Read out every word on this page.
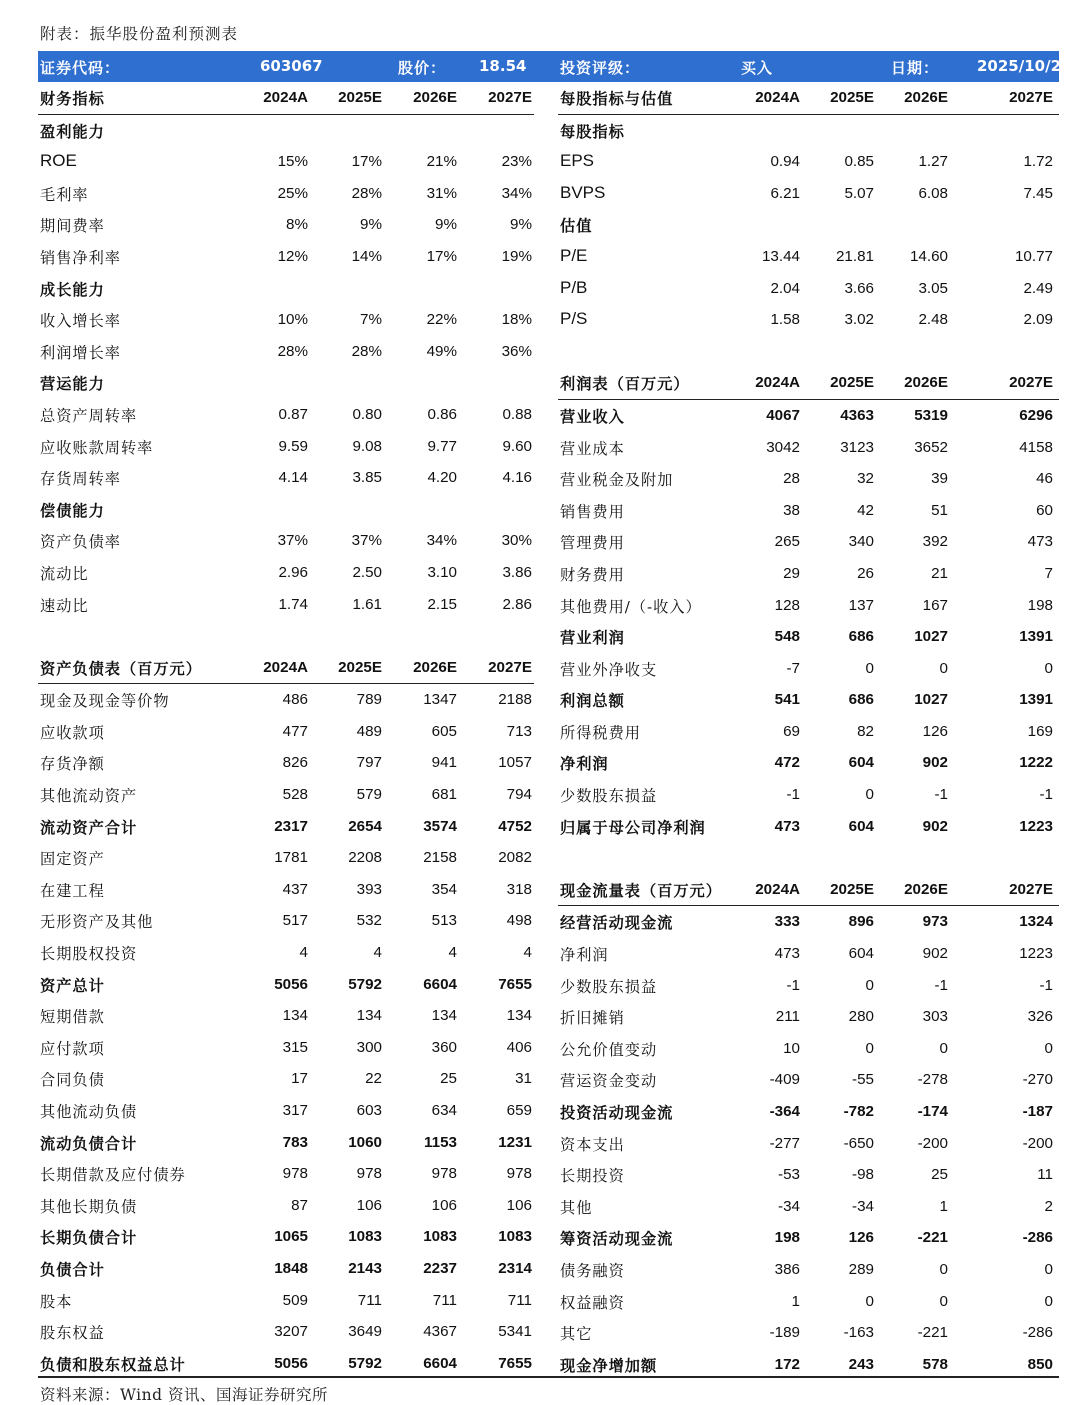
附表：振华股份盈利预测表
证券代码：	603067	股价： 18.54 投资评级：	买入	日期：	2025/10/27
财务指标	2024A	2025E	2026E	2027E
盈利能力
ROE	15%	17%	21%	23%
毛利率	25%	28%	31%	34%
期间费率	8%	9%	9%	9%
销售净利率	12%	14%	17%	19%
成长能力
收入增长率	10%	7%	22%	18%
利润增长率	28%	28%	49%	36%
营运能力
总资产周转率	0.87	0.80	0.86	0.88
应收账款周转率	9.59	9.08	9.77	9.60
存货周转率	4.14	3.85	4.20	4.16
偿债能力
资产负债率	37%	37%	34%	30%
流动比	2.96	2.50	3.10	3.86
速动比	1.74	1.61	2.15	2.86
资产负债表（百万元）	2024A	2025E	2026E	2027E
现金及现金等价物	486	789	1347	2188
应收款项	477	489	605	713
存货净额	826	797	941	1057
其他流动资产	528	579	681	794
流动资产合计	2317	2654	3574	4752
固定资产	1781	2208	2158	2082
在建工程	437	393	354	318
无形资产及其他	517	532	513	498
长期股权投资	4	4	4	4
资产总计	5056	5792	6604	7655
短期借款	134	134	134	134
应付款项	315	300	360	406
合同负债	17	22	25	31
其他流动负债	317	603	634	659
流动负债合计	783	1060	1153	1231
长期借款及应付债券	978	978	978	978
其他长期负债	87	106	106	106
长期负债合计	1065	1083	1083	1083
负债合计	1848	2143	2237	2314
股本	509	711	711	711
股东权益	3207	3649	4367	5341
负债和股东权益总计	5056	5792	6604	7655
每股指标与估值	2024A	2025E	2026E	2027E
每股指标
EPS	0.94	0.85	1.27	1.72
BVPS	6.21	5.07	6.08	7.45
估值
P/E	13.44	21.81	14.60	10.77
P/B	2.04	3.66	3.05	2.49
P/S	1.58	3.02	2.48	2.09
利润表（百万元）	2024A	2025E	2026E	2027E
营业收入	4067	4363	5319	6296
营业成本	3042	3123	3652	4158
营业税金及附加	28	32	39	46
销售费用	38	42	51	60
管理费用	265	340	392	473
财务费用	29	26	21	7
其他费用/（-收入）	128	137	167	198
营业利润	548	686	1027	1391
营业外净收支	-7	0	0	0
利润总额	541	686	1027	1391
所得税费用	69	82	126	169
净利润	472	604	902	1222
少数股东损益	-1	0	-1	-1
归属于母公司净利润	473	604	902	1223
现金流量表（百万元）	2024A	2025E	2026E	2027E
经营活动现金流	333	896	973	1324
净利润	473	604	902	1223
少数股东损益	-1	0	-1	-1
折旧摊销	211	280	303	326
公允价值变动	10	0	0	0
营运资金变动	-409	-55	-278	-270
投资活动现金流	-364	-782	-174	-187
资本支出	-277	-650	-200	-200
长期投资	-53	-98	25	11
其他	-34	-34	1	2
筹资活动现金流	198	126	-221	-286
债务融资	386	289	0	0
权益融资	1	0	0	0
其它	-189	-163	-221	-286
现金净增加额	172	243	578	850
资料来源：Wind 资讯、国海证券研究所
